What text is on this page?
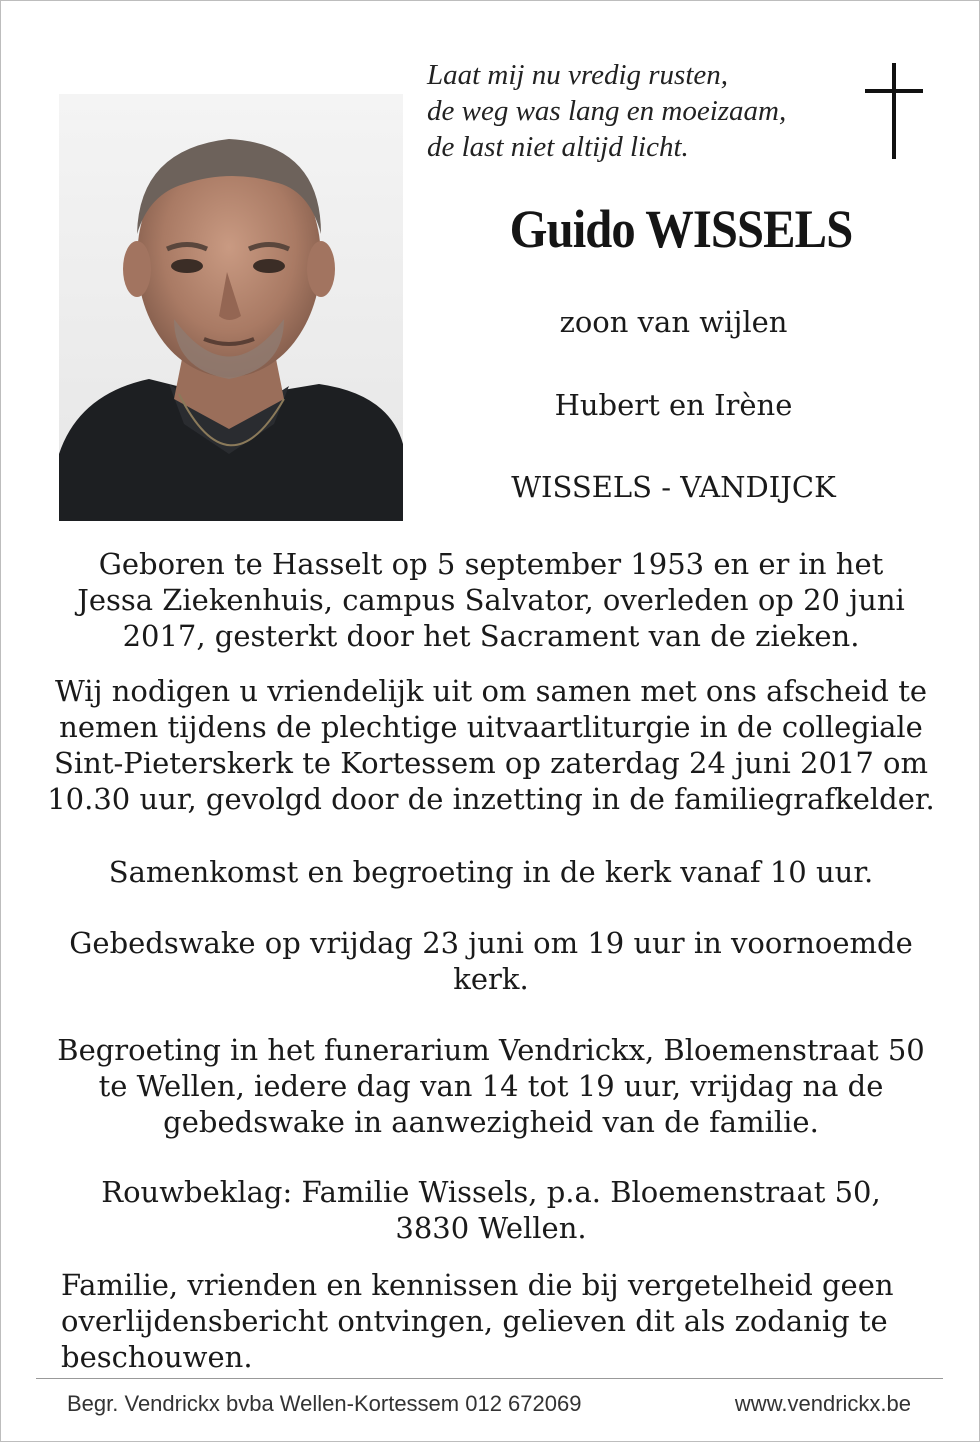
Laat mij nu vredig rusten,
de weg was lang en moeizaam,
de last niet altijd licht.
Guido WISSELS
zoon van wijlen
Hubert en Irène
WISSELS - VANDIJCK
Geboren te Hasselt op 5 september 1953 en er in het
Jessa Ziekenhuis, campus Salvator, overleden op 20 juni
2017, gesterkt door het Sacrament van de zieken.
Wij nodigen u vriendelijk uit om samen met ons afscheid te
nemen tijdens de plechtige uitvaartliturgie in de collegiale
Sint-Pieterskerk te Kortessem op zaterdag 24 juni 2017 om
10.30 uur, gevolgd door de inzetting in de familiegrafkelder.
Samenkomst en begroeting in de kerk vanaf 10 uur.
Gebedswake op vrijdag 23 juni om 19 uur in voornoemde
kerk.
Begroeting in het funerarium Vendrickx, Bloemenstraat 50
te Wellen, iedere dag van 14 tot 19 uur, vrijdag na de
gebedswake in aanwezigheid van de familie.
Rouwbeklag: Familie Wissels, p.a. Bloemenstraat 50,
3830 Wellen.
Familie, vrienden en kennissen die bij vergetelheid geen
overlijdensbericht ontvingen, gelieven dit als zodanig te
beschouwen.
Begr. Vendrickx bvba Wellen-Kortessem 012 672069	www.vendrickx.be
